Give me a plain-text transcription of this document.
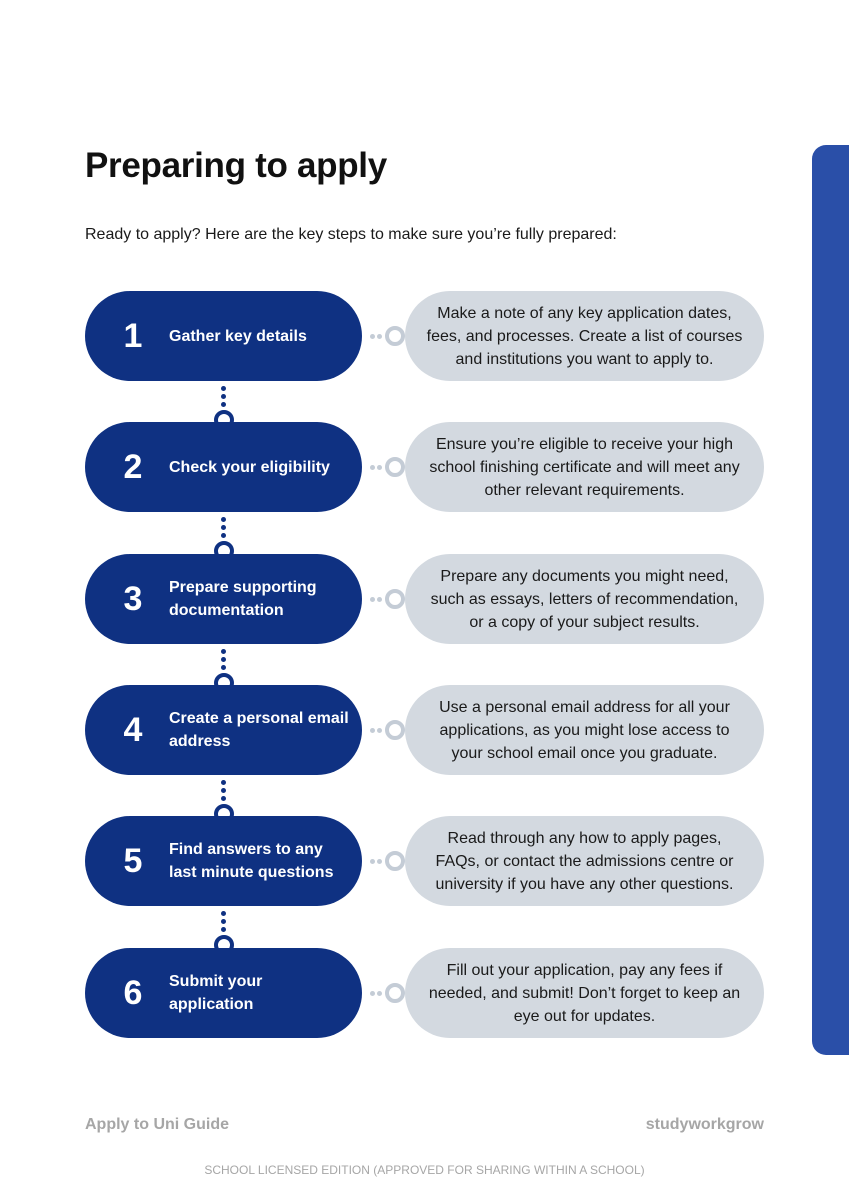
Preparing to apply

Ready to apply? Here are the key steps to make sure you’re fully prepared:

1	Gather key details
Make a note of any key application dates, fees, and processes. Create a list of courses and institutions you want to apply to.
2	Check your eligibility
Ensure you’re eligible to receive your high school finishing certificate and will meet any other relevant requirements.
3	Prepare supporting documentation
Prepare any documents you might need, such as essays, letters of recommendation, or a copy of your subject results.
4	Create a personal email address
Use a personal email address for all your applications, as you might lose access to your school email once you graduate.
5	Find answers to any last minute questions
Read through any how to apply pages, FAQs, or contact the admissions centre or university if you have any other questions.
6	Submit your application
Fill out your application, pay any fees if needed, and submit! Don’t forget to keep an eye out for updates.

Apply to Uni Guide	studyworkgrow

SCHOOL LICENSED EDITION (APPROVED FOR SHARING WITHIN A SCHOOL)
